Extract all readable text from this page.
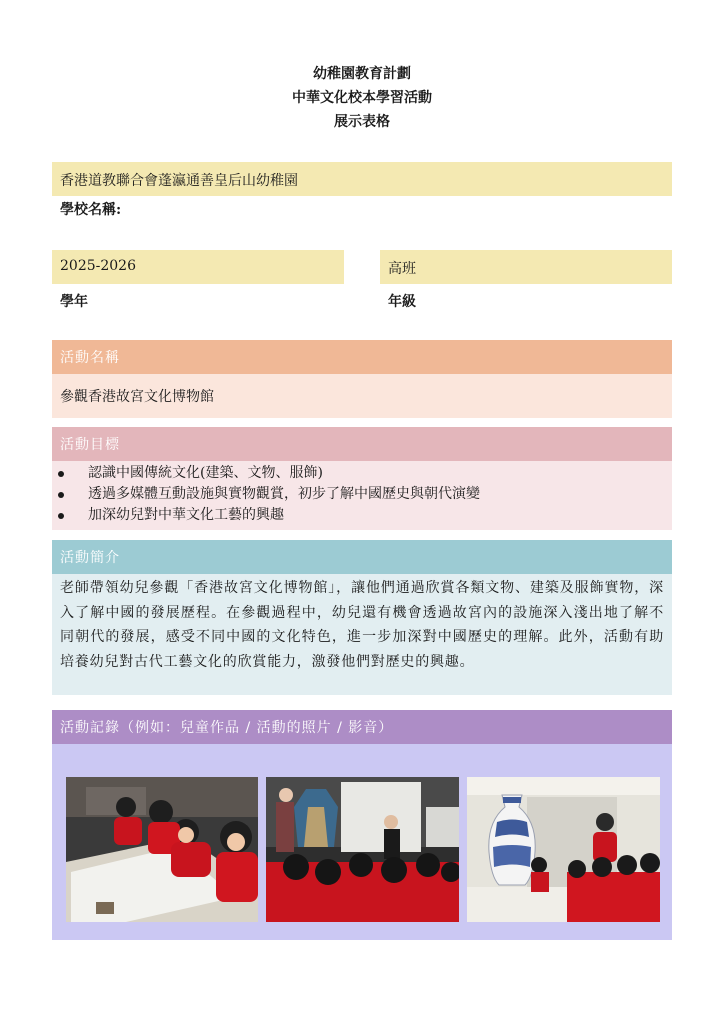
幼稚園教育計劃
中華文化校本學習活動
展示表格
香港道教聯合會蓬瀛通善皇后山幼稚園
學校名稱:
2025-2026
學年
高班
年級
活動名稱
參觀香港故宮文化博物館
活動目標
認識中國傳統文化(建築、文物、服飾)
透過多媒體互動設施與實物觀賞，初步了解中國歷史與朝代演變
加深幼兒對中華文化工藝的興趣
活動簡介
老師帶領幼兒參觀「香港故宮文化博物館」，讓他們通過欣賞各類文物、建築及服飾實物，深入了解中國的發展歷程。在參觀過程中，幼兒還有機會透過故宮內的設施深入淺出地了解不同朝代的發展，感受不同中國的文化特色，進一步加深對中國歷史的理解。此外，活動有助培養幼兒對古代工藝文化的欣賞能力，激發他們對歷史的興趣。
活動記錄（例如：兒童作品 / 活動的照片 / 影音）
